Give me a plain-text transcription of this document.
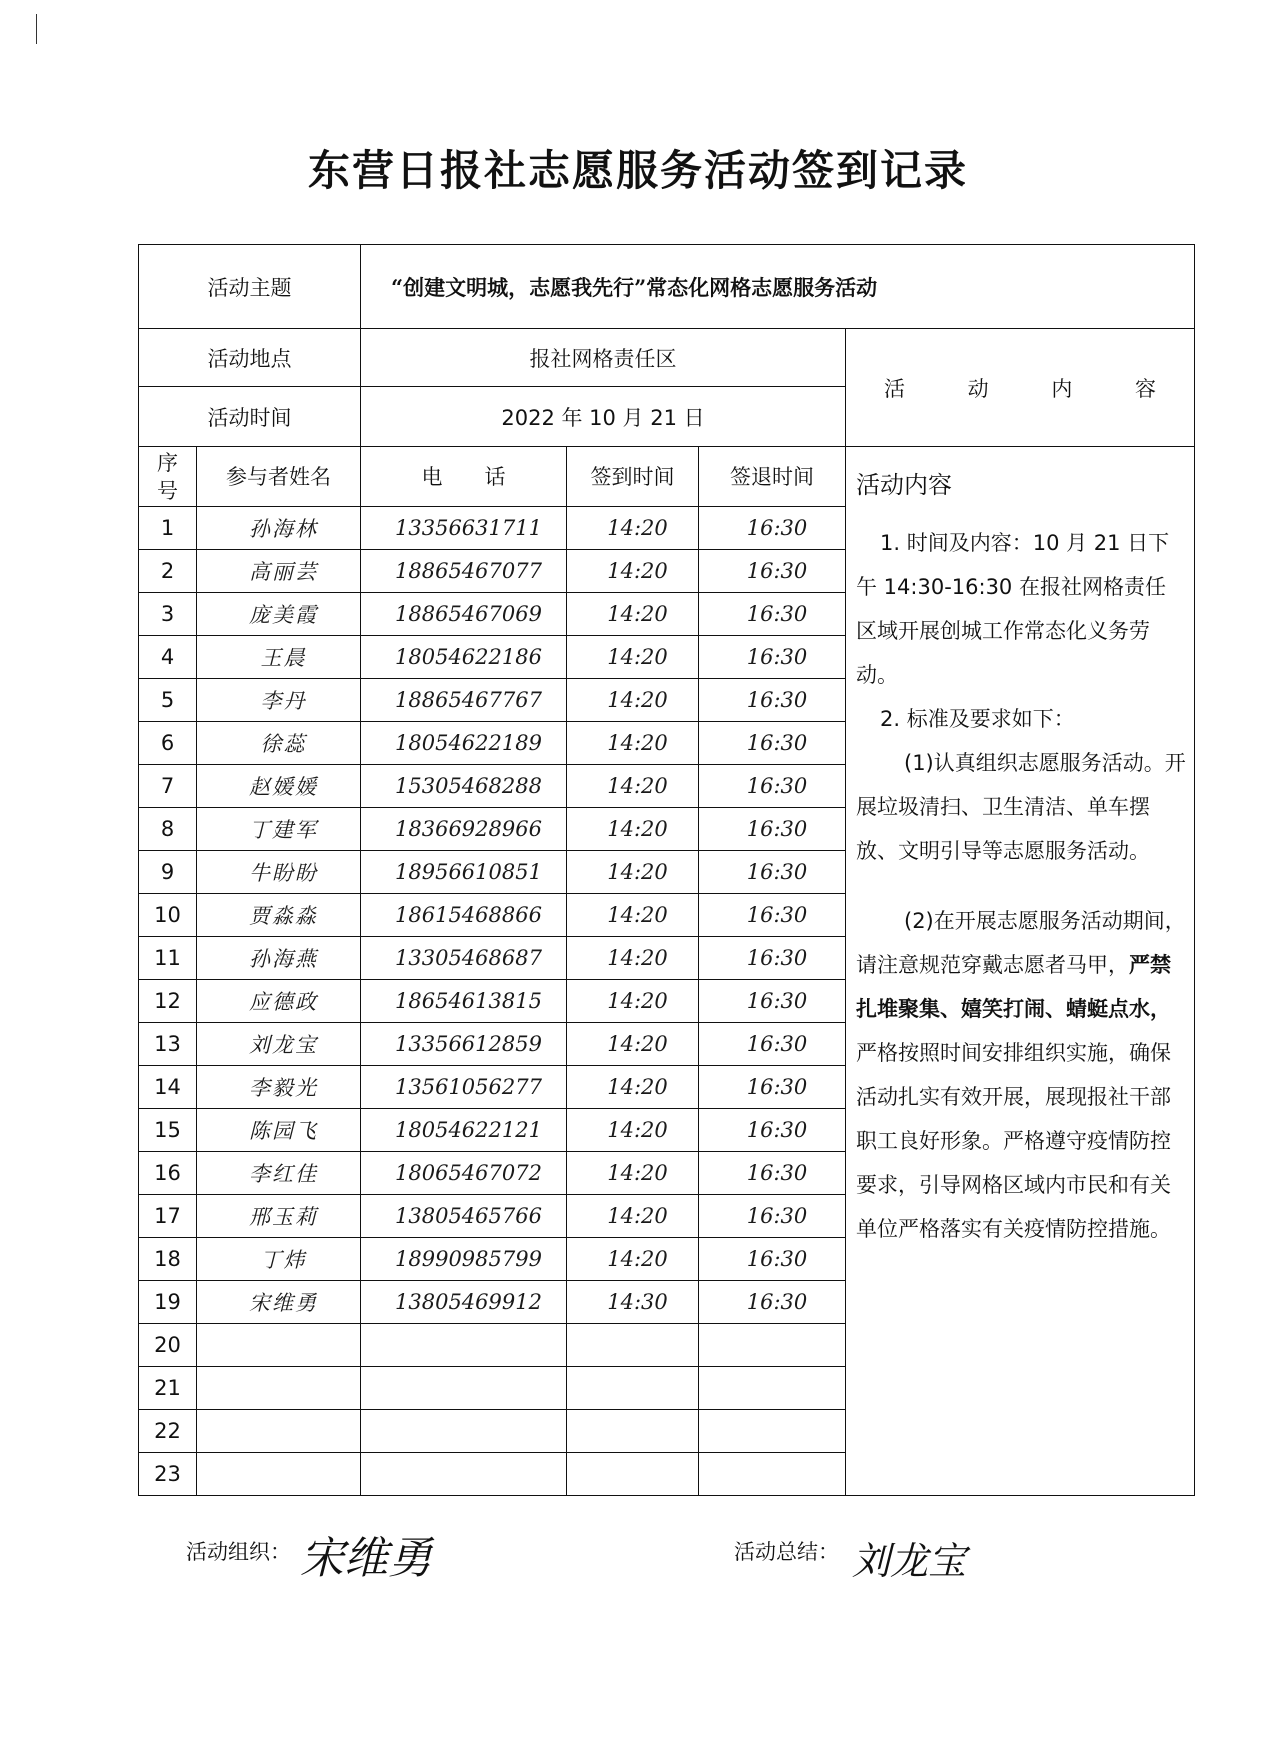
东营日报社志愿服务活动签到记录
活动主题		“创建文明城，志愿我先行”常态化网格志愿服务活动			
活动地点		报社网格责任区			活 动 内 容
活动时间		2022 年 10 月 21 日			
序号	参与者姓名	电　　话	签到时间	签退时间	活动内容

1. 时间及内容：10 月 21 日下午 14:30-16:30 在报社网格责任区域开展创城工作常态化义务劳动。

2. 标准及要求如下：

(1)认真组织志愿服务活动。开展垃圾清扫、卫生清洁、单车摆放、文明引导等志愿服务活动。

(2)在开展志愿服务活动期间，请注意规范穿戴志愿者马甲，严禁扎堆聚集、嬉笑打闹、蜻蜓点水，严格按照时间安排组织实施，确保活动扎实有效开展，展现报社干部职工良好形象。严格遵守疫情防控要求，引导网格区域内市民和有关单位严格落实有关疫情防控措施。

1	孙海林	13356631711	14:20	16:30	
2	高丽芸	18865467077	14:20	16:30	
3	庞美霞	18865467069	14:20	16:30	
4	王晨	18054622186	14:20	16:30	
5	李丹	18865467767	14:20	16:30	
6	徐蕊	18054622189	14:20	16:30	
7	赵媛媛	15305468288	14:20	16:30	
8	丁建军	18366928966	14:20	16:30	
9	牛盼盼	18956610851	14:20	16:30	
10	贾淼淼	18615468866	14:20	16:30	
11	孙海燕	13305468687	14:20	16:30	
12	应德政	18654613815	14:20	16:30	
13	刘龙宝	13356612859	14:20	16:30	
14	李毅光	13561056277	14:20	16:30	
15	陈园飞	18054622121	14:20	16:30	
16	李红佳	18065467072	14:20	16:30	
17	邢玉莉	13805465766	14:20	16:30	
18	丁炜	18990985799	14:20	16:30	
19	宋维勇	13805469912	14:30	16:30	
20					
21					
22					
23					
活动组织： 宋维勇	活动总结： 刘龙宝
